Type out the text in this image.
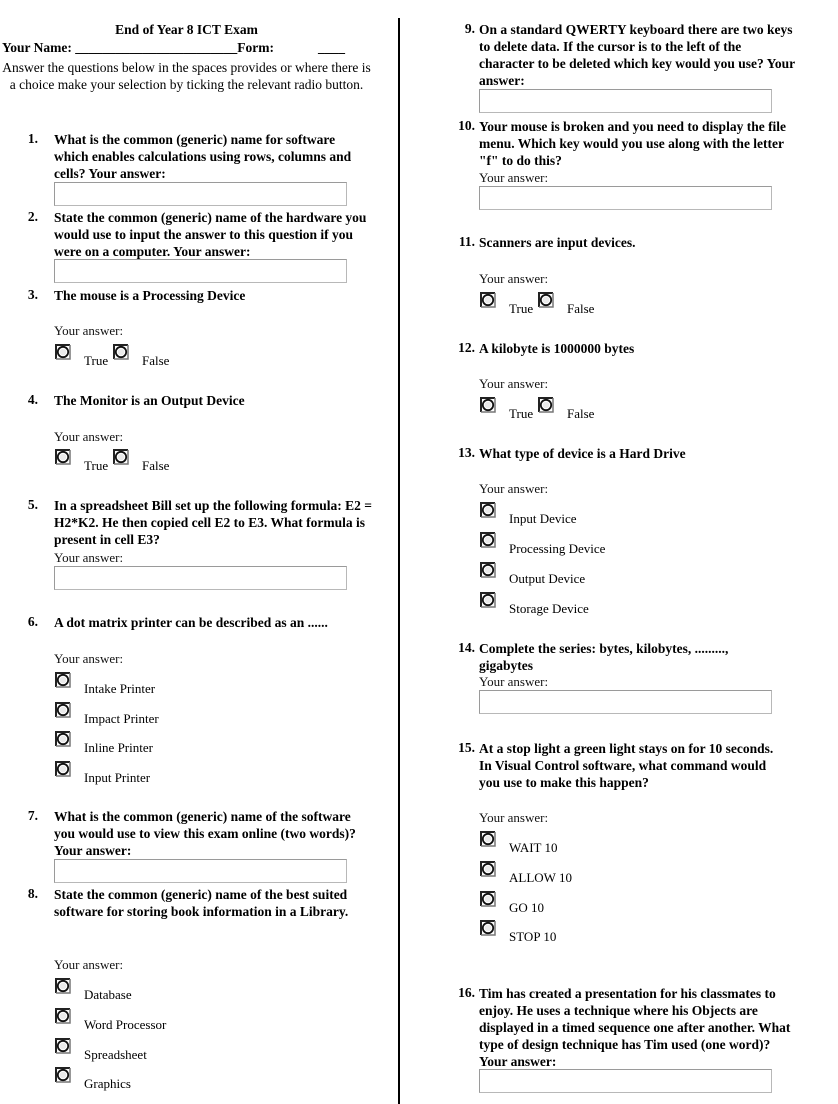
End of Year 8 ICT Exam
Your Name: ________________________Form:	____
Answer the questions below in the spaces provides or where there is a choice make your selection by ticking the relevant radio button.
1. What is the common (generic) name for software which enables calculations using rows, columns and cells? Your answer:
2. State the common (generic) name of the hardware you would use to input the answer to this question if you were on a computer. Your answer:
3. The mouse is a Processing Device
Your answer:
True	False
4. The Monitor is an Output Device
Your answer:
True	False
5. In a spreadsheet Bill set up the following formula: E2 = H2*K2. He then copied cell E2 to E3. What formula is present in cell E3?
Your answer:
6. A dot matrix printer can be described as an ......
Your answer:
Intake Printer
Impact Printer
Inline Printer
Input Printer
7. What is the common (generic) name of the software you would use to view this exam online (two words)? Your answer:
8. State the common (generic) name of the best suited software for storing book information in a Library.
Your answer:
Database
Word Processor
Spreadsheet
Graphics
9. On a standard QWERTY keyboard there are two keys to delete data. If the cursor is to the left of the character to be deleted which key would you use? Your answer:
10. Your mouse is broken and you need to display the file menu. Which key would you use along with the letter "f" to do this?
Your answer:
11. Scanners are input devices.
Your answer:
True	False
12. A kilobyte is 1000000 bytes
Your answer:
True	False
13. What type of device is a Hard Drive
Your answer:
Input Device
Processing Device
Output Device
Storage Device
14. Complete the series: bytes, kilobytes, ........., gigabytes
Your answer:
15. At a stop light a green light stays on for 10 seconds. In Visual Control software, what command would you use to make this happen?
Your answer:
WAIT 10
ALLOW 10
GO 10
STOP 10
16. Tim has created a presentation for his classmates to enjoy. He uses a technique where his Objects are displayed in a timed sequence one after another. What type of design technique has Tim used (one word)? Your answer:
